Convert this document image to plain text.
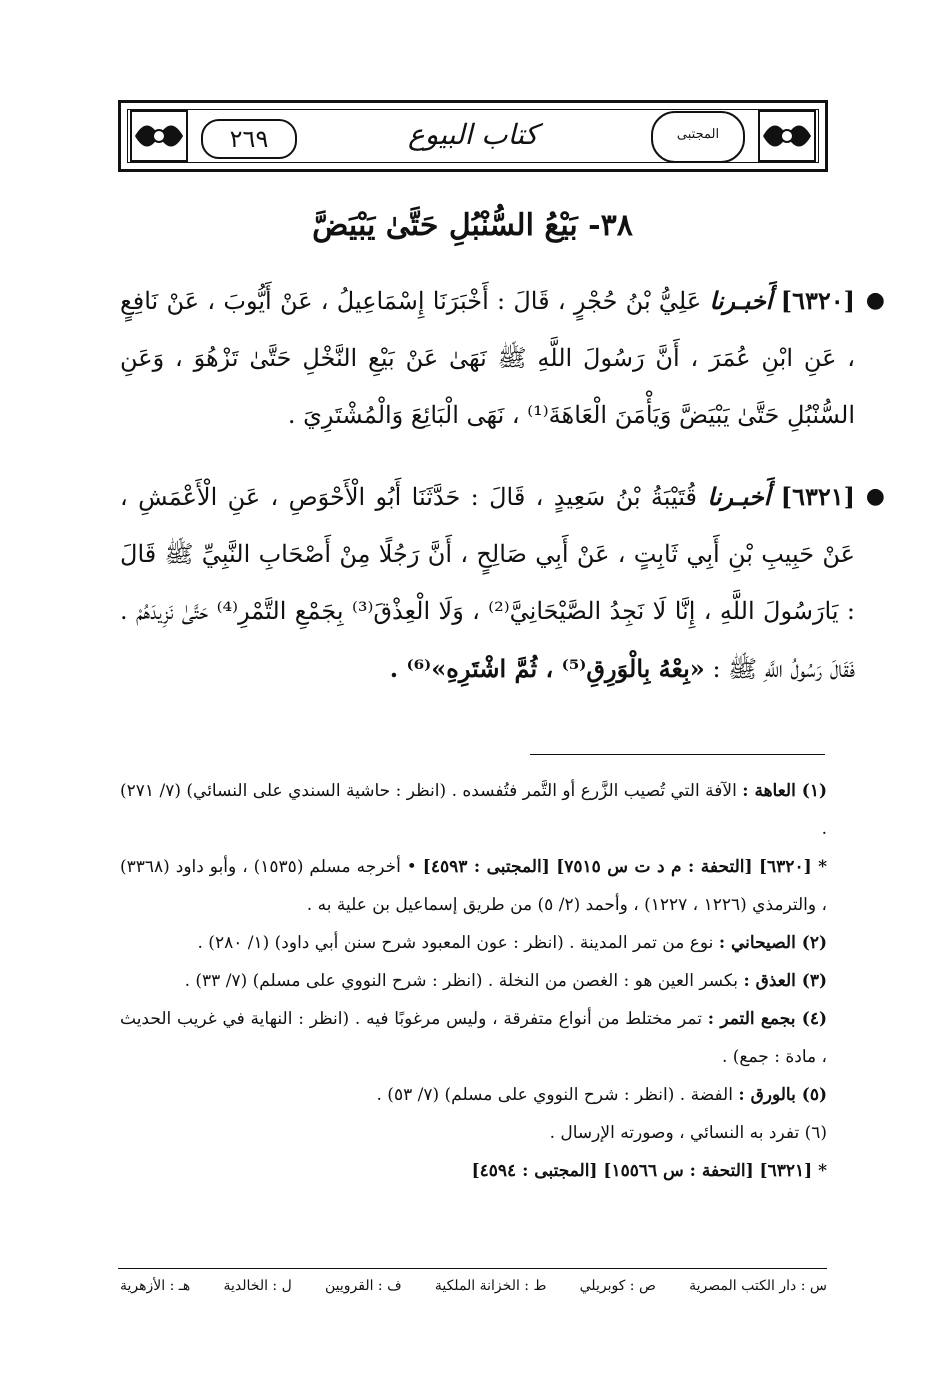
٢٦٩	كتاب البيوع	المجتبى
٣٨- بَيْعُ السُّنْبُلِ حَتَّىٰ يَبْيَضَّ
●
[٦٣٢٠] أَخبـرنا عَلِيُّ بْنُ حُجْرٍ ، قَالَ : أَخْبَرَنَا إِسْمَاعِيلُ ، عَنْ أَيُّوبَ ، عَنْ نَافِعٍ ، عَنِ ابْنِ عُمَرَ ، أَنَّ رَسُولَ اللَّهِ ﷺ نَهَىٰ عَنْ بَيْعِ النَّخْلِ حَتَّىٰ تَزْهُوَ ، وَعَنِ السُّنْبُلِ حَتَّىٰ يَبْيَضَّ وَيَأْمَنَ الْعَاهَةَ⁽¹⁾ ، نَهَى الْبَائِعَ وَالْمُشْتَرِيَ .
●
[٦٣٢١] أَخبـرنا قُتَيْبَةُ بْنُ سَعِيدٍ ، قَالَ : حَدَّثَنَا أَبُو الْأَحْوَصِ ، عَنِ الْأَعْمَشِ ، عَنْ حَبِيبِ بْنِ أَبِي ثَابِتٍ ، عَنْ أَبِي صَالِحٍ ، أَنَّ رَجُلًا مِنْ أَصْحَابِ النَّبِيِّ ﷺ قَالَ : يَارَسُولَ اللَّهِ ، إِنَّا لَا نَجِدُ الصَّيْحَانِيَّ⁽²⁾ ، وَلَا الْعِذْقَ⁽³⁾ بِجَمْعِ التَّمْرِ⁽⁴⁾ حَتَّىٰ نَزِيدَهُمْ . فَقَالَ رَسُولُ اللَّهِ ﷺ : «بِعْهُ بِالْوَرِقِ⁽⁵⁾ ، ثُمَّ اشْتَرِهِ»⁽⁶⁾ .

(١) العاهة : الآفة التي تُصيب الزَّرع أو التَّمر فتُفسده . (انظر : حاشية السندي على النسائي) (٧/ ٢٧١) .

* [٦٣٢٠] [التحفة : م د ت س ٧٥١٥] [المجتبى : ٤٥٩٣] • أخرجه مسلم (١٥٣٥) ، وأبو داود (٣٣٦٨) ، والترمذي (١٢٢٦ ، ١٢٢٧) ، وأحمد (٢/ ٥) من طريق إسماعيل بن علية به .

(٢) الصيحاني : نوع من تمر المدينة . (انظر : عون المعبود شرح سنن أبي داود) (١/ ٢٨٠) .

(٣) العذق : بكسر العين هو : الغصن من النخلة . (انظر : شرح النووي على مسلم) (٧/ ٣٣) .

(٤) بجمع التمر : تمر مختلط من أنواع متفرقة ، وليس مرغوبًا فيه . (انظر : النهاية في غريب الحديث ، مادة : جمع) .

(٥) بالورق : الفضة . (انظر : شرح النووي على مسلم) (٧/ ٥٣) .

(٦) تفرد به النسائي ، وصورته الإرسال .

* [٦٣٢١] [التحفة : س ١٥٥٦٦] [المجتبى : ٤٥٩٤]

س : دار الكتب المصرية
ص : كوبريلي
ط : الخزانة الملكية
ف : القرويين
ل : الخالدية
هـ : الأزهرية
